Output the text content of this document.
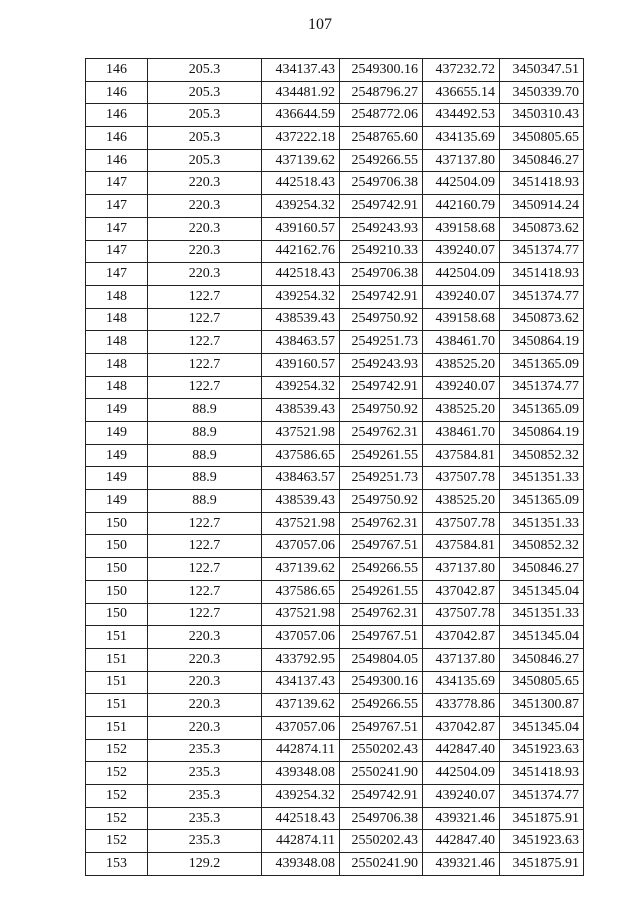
107
146	205.3	434137.43	2549300.16	437232.72	3450347.51
146	205.3	434481.92	2548796.27	436655.14	3450339.70
146	205.3	436644.59	2548772.06	434492.53	3450310.43
146	205.3	437222.18	2548765.60	434135.69	3450805.65
146	205.3	437139.62	2549266.55	437137.80	3450846.27
147	220.3	442518.43	2549706.38	442504.09	3451418.93
147	220.3	439254.32	2549742.91	442160.79	3450914.24
147	220.3	439160.57	2549243.93	439158.68	3450873.62
147	220.3	442162.76	2549210.33	439240.07	3451374.77
147	220.3	442518.43	2549706.38	442504.09	3451418.93
148	122.7	439254.32	2549742.91	439240.07	3451374.77
148	122.7	438539.43	2549750.92	439158.68	3450873.62
148	122.7	438463.57	2549251.73	438461.70	3450864.19
148	122.7	439160.57	2549243.93	438525.20	3451365.09
148	122.7	439254.32	2549742.91	439240.07	3451374.77
149	88.9	438539.43	2549750.92	438525.20	3451365.09
149	88.9	437521.98	2549762.31	438461.70	3450864.19
149	88.9	437586.65	2549261.55	437584.81	3450852.32
149	88.9	438463.57	2549251.73	437507.78	3451351.33
149	88.9	438539.43	2549750.92	438525.20	3451365.09
150	122.7	437521.98	2549762.31	437507.78	3451351.33
150	122.7	437057.06	2549767.51	437584.81	3450852.32
150	122.7	437139.62	2549266.55	437137.80	3450846.27
150	122.7	437586.65	2549261.55	437042.87	3451345.04
150	122.7	437521.98	2549762.31	437507.78	3451351.33
151	220.3	437057.06	2549767.51	437042.87	3451345.04
151	220.3	433792.95	2549804.05	437137.80	3450846.27
151	220.3	434137.43	2549300.16	434135.69	3450805.65
151	220.3	437139.62	2549266.55	433778.86	3451300.87
151	220.3	437057.06	2549767.51	437042.87	3451345.04
152	235.3	442874.11	2550202.43	442847.40	3451923.63
152	235.3	439348.08	2550241.90	442504.09	3451418.93
152	235.3	439254.32	2549742.91	439240.07	3451374.77
152	235.3	442518.43	2549706.38	439321.46	3451875.91
152	235.3	442874.11	2550202.43	442847.40	3451923.63
153	129.2	439348.08	2550241.90	439321.46	3451875.91
